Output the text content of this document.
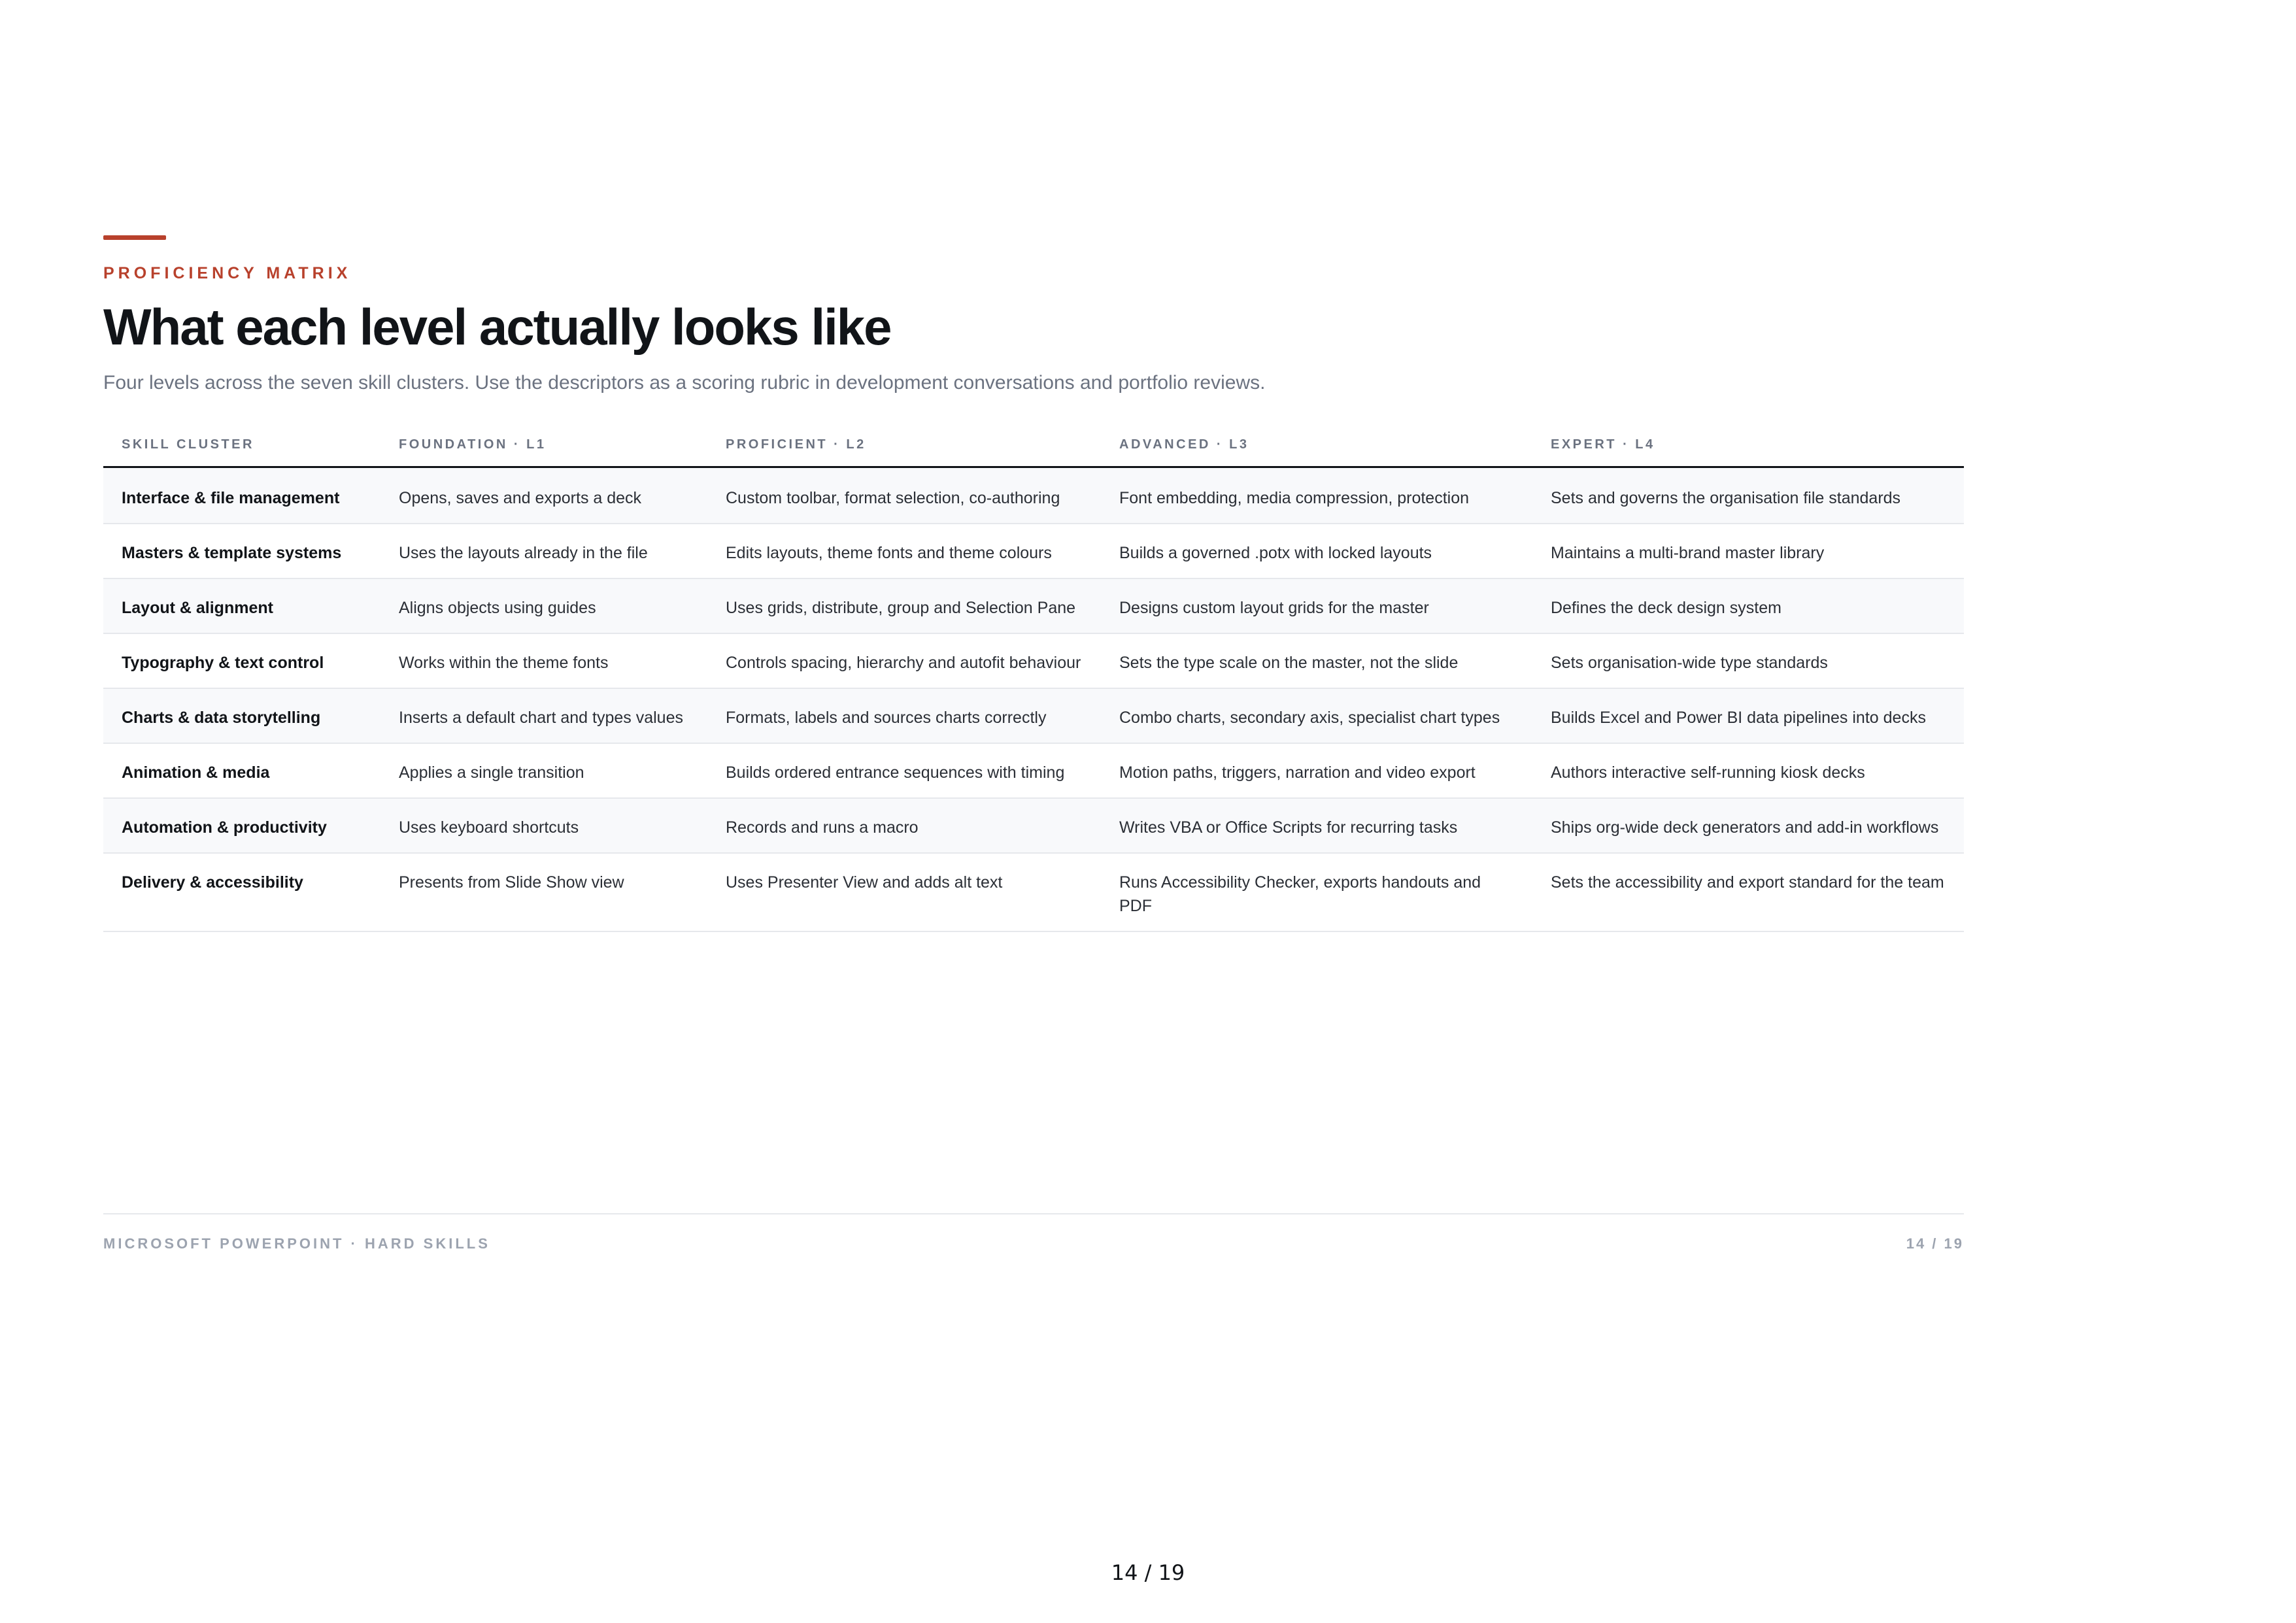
PROFICIENCY MATRIX
What each level actually looks like
Four levels across the seven skill clusters. Use the descriptors as a scoring rubric in development conversations and portfolio reviews.
SKILL CLUSTER	FOUNDATION · L1	PROFICIENT · L2	ADVANCED · L3	EXPERT · L4
Interface & file management	Opens, saves and exports a deck	Custom toolbar, format selection, co-authoring	Font embedding, media compression, protection	Sets and governs the organisation file standards
Masters & template systems	Uses the layouts already in the file	Edits layouts, theme fonts and theme colours	Builds a governed .potx with locked layouts	Maintains a multi-brand master library
Layout & alignment	Aligns objects using guides	Uses grids, distribute, group and Selection Pane	Designs custom layout grids for the master	Defines the deck design system
Typography & text control	Works within the theme fonts	Controls spacing, hierarchy and autofit behaviour	Sets the type scale on the master, not the slide	Sets organisation-wide type standards
Charts & data storytelling	Inserts a default chart and types values	Formats, labels and sources charts correctly	Combo charts, secondary axis, specialist chart types	Builds Excel and Power BI data pipelines into decks
Animation & media	Applies a single transition	Builds ordered entrance sequences with timing	Motion paths, triggers, narration and video export	Authors interactive self-running kiosk decks
Automation & productivity	Uses keyboard shortcuts	Records and runs a macro	Writes VBA or Office Scripts for recurring tasks	Ships org-wide deck generators and add-in workflows
Delivery & accessibility	Presents from Slide Show view	Uses Presenter View and adds alt text	Runs Accessibility Checker, exports handouts and PDF	Sets the accessibility and export standard for the team
MICROSOFT POWERPOINT · HARD SKILLS	14 / 19
14 / 19
